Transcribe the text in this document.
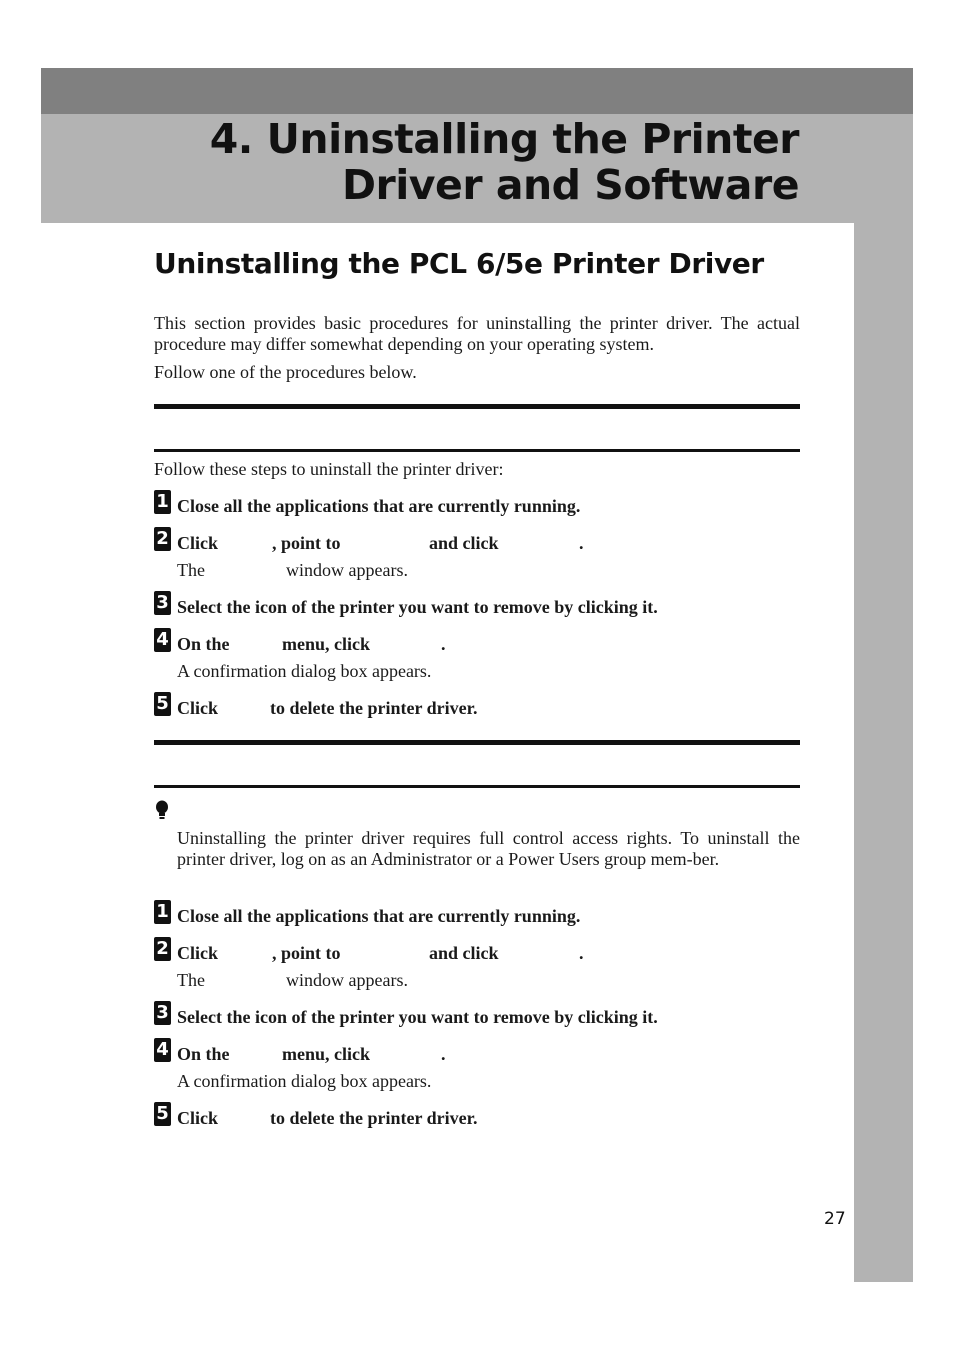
4. Uninstalling the Printer
Driver and Software
Uninstalling the PCL 6/5e Printer Driver

This section provides basic procedures for uninstalling the printer driver. The actual procedure may differ somewhat depending on your operating system.

Follow one of the procedures below.

Follow these steps to uninstall the printer driver:

1 Close all the applications that are currently running.
2 Click	, point to	and click	.
The	window appears.
3 Select the icon of the printer you want to remove by clicking it.
4 On the	menu, click	.
A confirmation dialog box appears.
5 Click	to delete the printer driver.

Uninstalling the printer driver requires full control access rights. To uninstall the printer driver, log on as an Administrator or a Power Users group mem-ber.

1 Close all the applications that are currently running.
2 Click	, point to	and click	.
The	window appears.
3 Select the icon of the printer you want to remove by clicking it.
4 On the	menu, click	.
A confirmation dialog box appears.
5 Click	to delete the printer driver.
27
